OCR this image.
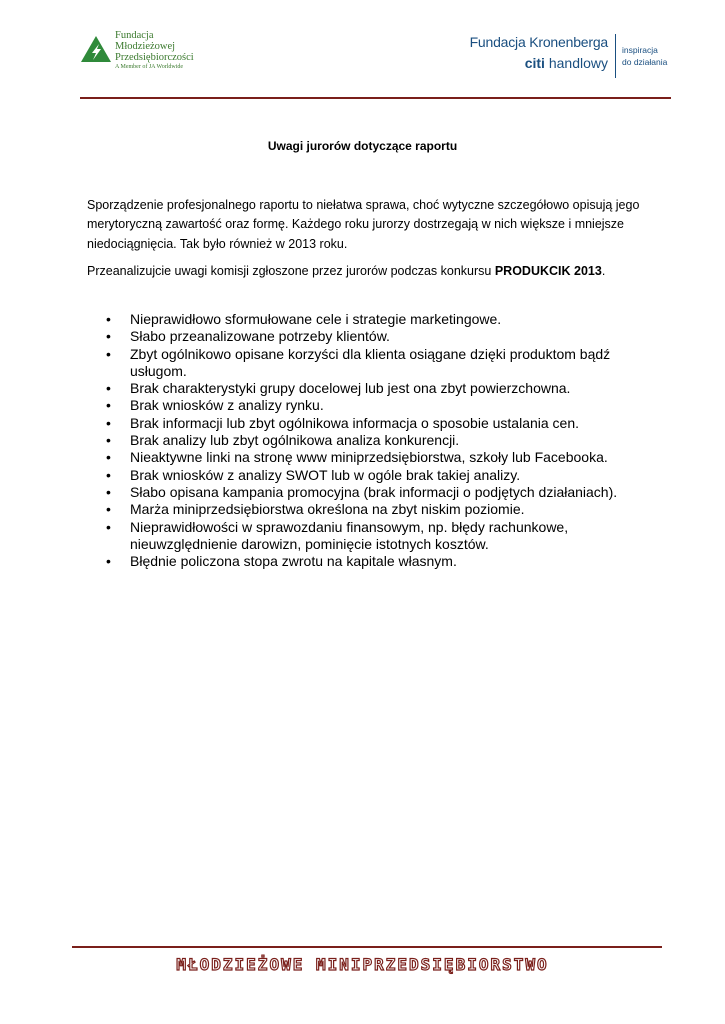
Fundacja
Młodzieżowej
Przedsiębiorczości
A Member of JA Worldwide
Fundacja Kronenberga
citi handlowy
inspiracja
do działania
Uwagi jurorów dotyczące raportu
Sporządzenie profesjonalnego raportu to niełatwa sprawa, choć wytyczne szczegółowo opisują jego merytoryczną zawartość oraz formę. Każdego roku jurorzy dostrzegają w nich większe i mniejsze niedociągnięcia. Tak było również w 2013 roku.
Przeanalizujcie uwagi komisji zgłoszone przez jurorów podczas konkursu PRODUKCIK 2013.
• Nieprawidłowo sformułowane cele i strategie marketingowe.
• Słabo przeanalizowane potrzeby klientów.
• Zbyt ogólnikowo opisane korzyści dla klienta osiągane dzięki produktom bądź usługom.
• Brak charakterystyki grupy docelowej lub jest ona zbyt powierzchowna.
• Brak wniosków z analizy rynku.
• Brak informacji lub zbyt ogólnikowa informacja o sposobie ustalania cen.
• Brak analizy lub zbyt ogólnikowa analiza konkurencji.
• Nieaktywne linki na stronę www miniprzedsiębiorstwa, szkoły lub Facebooka.
• Brak wniosków z analizy SWOT lub w ogóle brak takiej analizy.
• Słabo opisana kampania promocyjna (brak informacji o podjętych działaniach).
• Marża miniprzedsiębiorstwa określona na zbyt niskim poziomie.
• Nieprawidłowości w sprawozdaniu finansowym, np. błędy rachunkowe, nieuwzględnienie darowizn, pominięcie istotnych kosztów.
• Błędnie policzona stopa zwrotu na kapitale własnym.
MŁODZIEŻOWE MINIPRZEDSIĘBIORSTWO
